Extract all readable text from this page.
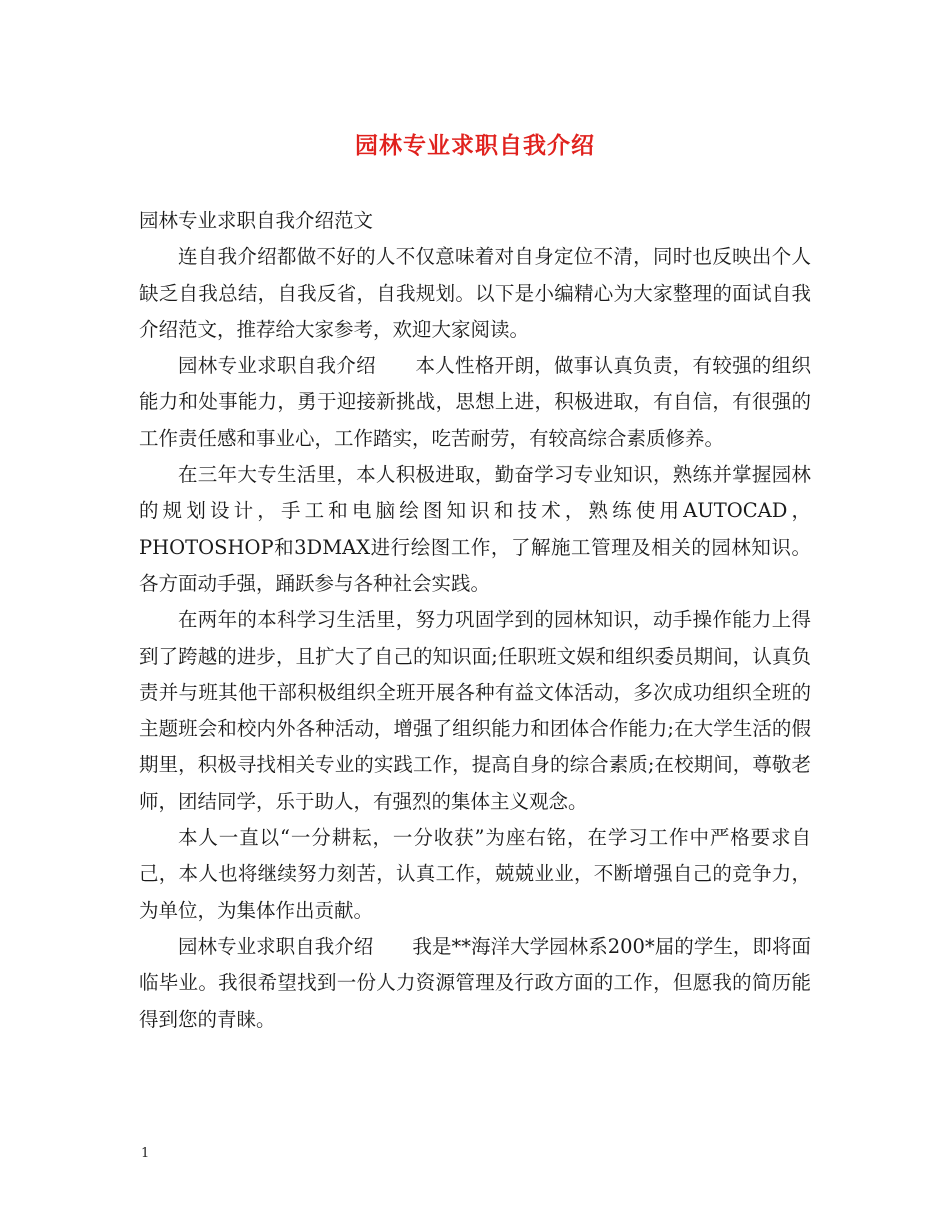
园林专业求职自我介绍

园林专业求职自我介绍范文

连自我介绍都做不好的人不仅意味着对自身定位不清，同时也反映出个人缺乏自我总结，自我反省，自我规划。以下是小编精心为大家整理的面试自我介绍范文，推荐给大家参考，欢迎大家阅读。

园林专业求职自我介绍　　本人性格开朗，做事认真负责，有较强的组织能力和处事能力，勇于迎接新挑战，思想上进，积极进取，有自信，有很强的工作责任感和事业心，工作踏实，吃苦耐劳，有较高综合素质修养。

在三年大专生活里，本人积极进取，勤奋学习专业知识，熟练并掌握园林的规划设计，手工和电脑绘图知识和技术，熟练使用AUTOCAD，PHOTOSHOP和3DMAX进行绘图工作，了解施工管理及相关的园林知识。各方面动手强，踊跃参与各种社会实践。

在两年的本科学习生活里，努力巩固学到的园林知识，动手操作能力上得到了跨越的进步，且扩大了自己的知识面;任职班文娱和组织委员期间，认真负责并与班其他干部积极组织全班开展各种有益文体活动，多次成功组织全班的主题班会和校内外各种活动，增强了组织能力和团体合作能力;在大学生活的假期里，积极寻找相关专业的实践工作，提高自身的综合素质;在校期间，尊敬老师，团结同学，乐于助人，有强烈的集体主义观念。

本人一直以“一分耕耘，一分收获”为座右铭，在学习工作中严格要求自己，本人也将继续努力刻苦，认真工作，兢兢业业，不断增强自己的竞争力，为单位，为集体作出贡献。

园林专业求职自我介绍　　我是**海洋大学园林系200*届的学生，即将面临毕业。我很希望找到一份人力资源管理及行政方面的工作，但愿我的简历能得到您的青睐。

1
